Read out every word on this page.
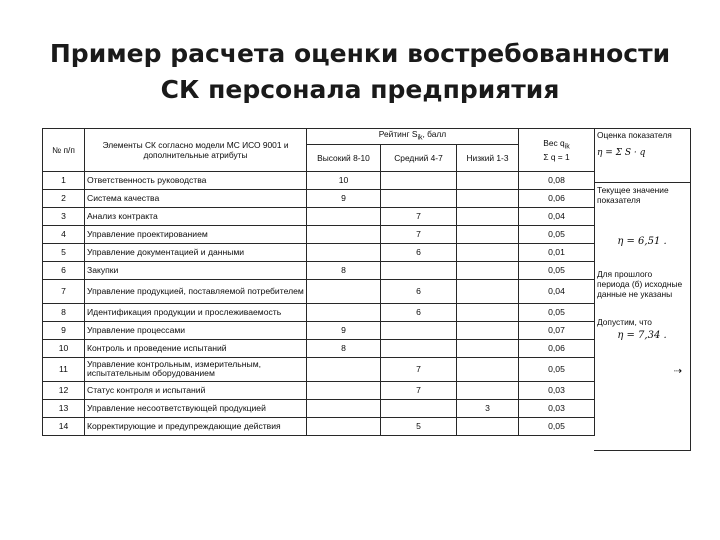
Пример расчета оценки востребованности
СК персонала предприятия
№ п/п	Элементы СК согласно модели МС ИСО 9001 и дополнительные атрибуты	Рейтинг $S_{ik}$, балл			Вес $q_{ik}$
Σ q = 1
		Высокий 8-10	Средний 4-7	Низкий 1-3	
1	Ответственность руководства	10			0,08
2	Система качества	9			0,06
3	Анализ контракта		7		0,04
4	Управление проектированием		7		0,05
5	Управление документацией и данными		6		0,01
6	Закупки	8			0,05
7	Управление продукцией, поставляемой потребителем		6		0,04
8	Идентификация продукции и прослеживаемость		6		0,05
9	Управление процессами	9			0,07
10	Контроль и проведение испытаний	8			0,06
11	Управление контрольным, измерительным, испытательным оборудованием		7		0,05
12	Статус контроля и испытаний		7		0,03
13	Управление несоответствующей продукцией			3	0,03
14	Корректирующие и предупреждающие действия		5		0,05
Оценка показателя
η = Σ S · q
Текущее значение показателя
η = 6,51 .
Для прошлого периода (б) исходные данные не указаны
Допустим, что
η = 7,34 .
⇢
